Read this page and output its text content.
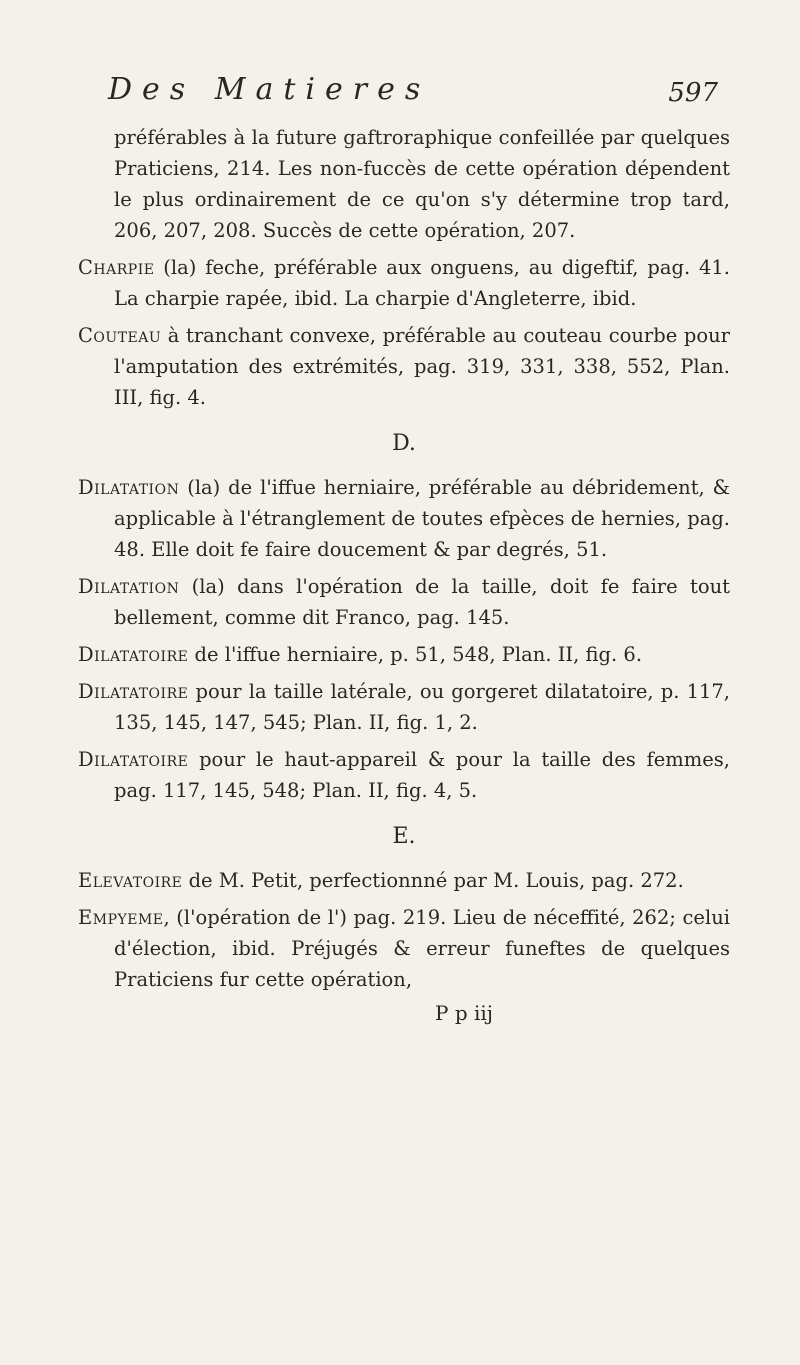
Des Matieres	597

préférables à la future gaftroraphique confeillée par quelques Praticiens, 214. Les non-fuccès de cette opération dépendent le plus ordinairement de ce qu'on s'y détermine trop tard, 206, 207, 208. Succès de cette opération, 207.

Charpie (la) feche, préférable aux onguens, au digeftif, pag. 41. La charpie rapée, ibid. La charpie d'Angleterre, ibid.

Couteau à tranchant convexe, préférable au couteau courbe pour l'amputation des extrémités, pag. 319, 331, 338, 552, Plan. III, fig. 4.

D.

Dilatation (la) de l'iffue herniaire, préférable au débridement, & applicable à l'étranglement de toutes efpèces de hernies, pag. 48. Elle doit fe faire doucement & par degrés, 51.

Dilatation (la) dans l'opération de la taille, doit fe faire tout bellement, comme dit Franco, pag. 145.

Dilatatoire de l'iffue herniaire, p. 51, 548, Plan. II, fig. 6.

Dilatatoire pour la taille latérale, ou gorgeret dilatatoire, p. 117, 135, 145, 147, 545; Plan. II, fig. 1, 2.

Dilatatoire pour le haut-appareil & pour la taille des femmes, pag. 117, 145, 548; Plan. II, fig. 4, 5.

E.

Elevatoire de M. Petit, perfectionnné par M. Louis, pag. 272.

Empyeme, (l'opération de l') pag. 219. Lieu de néceffité, 262; celui d'élection, ibid. Préjugés & erreur funeftes de quelques Praticiens fur cette opération,

P p iij
